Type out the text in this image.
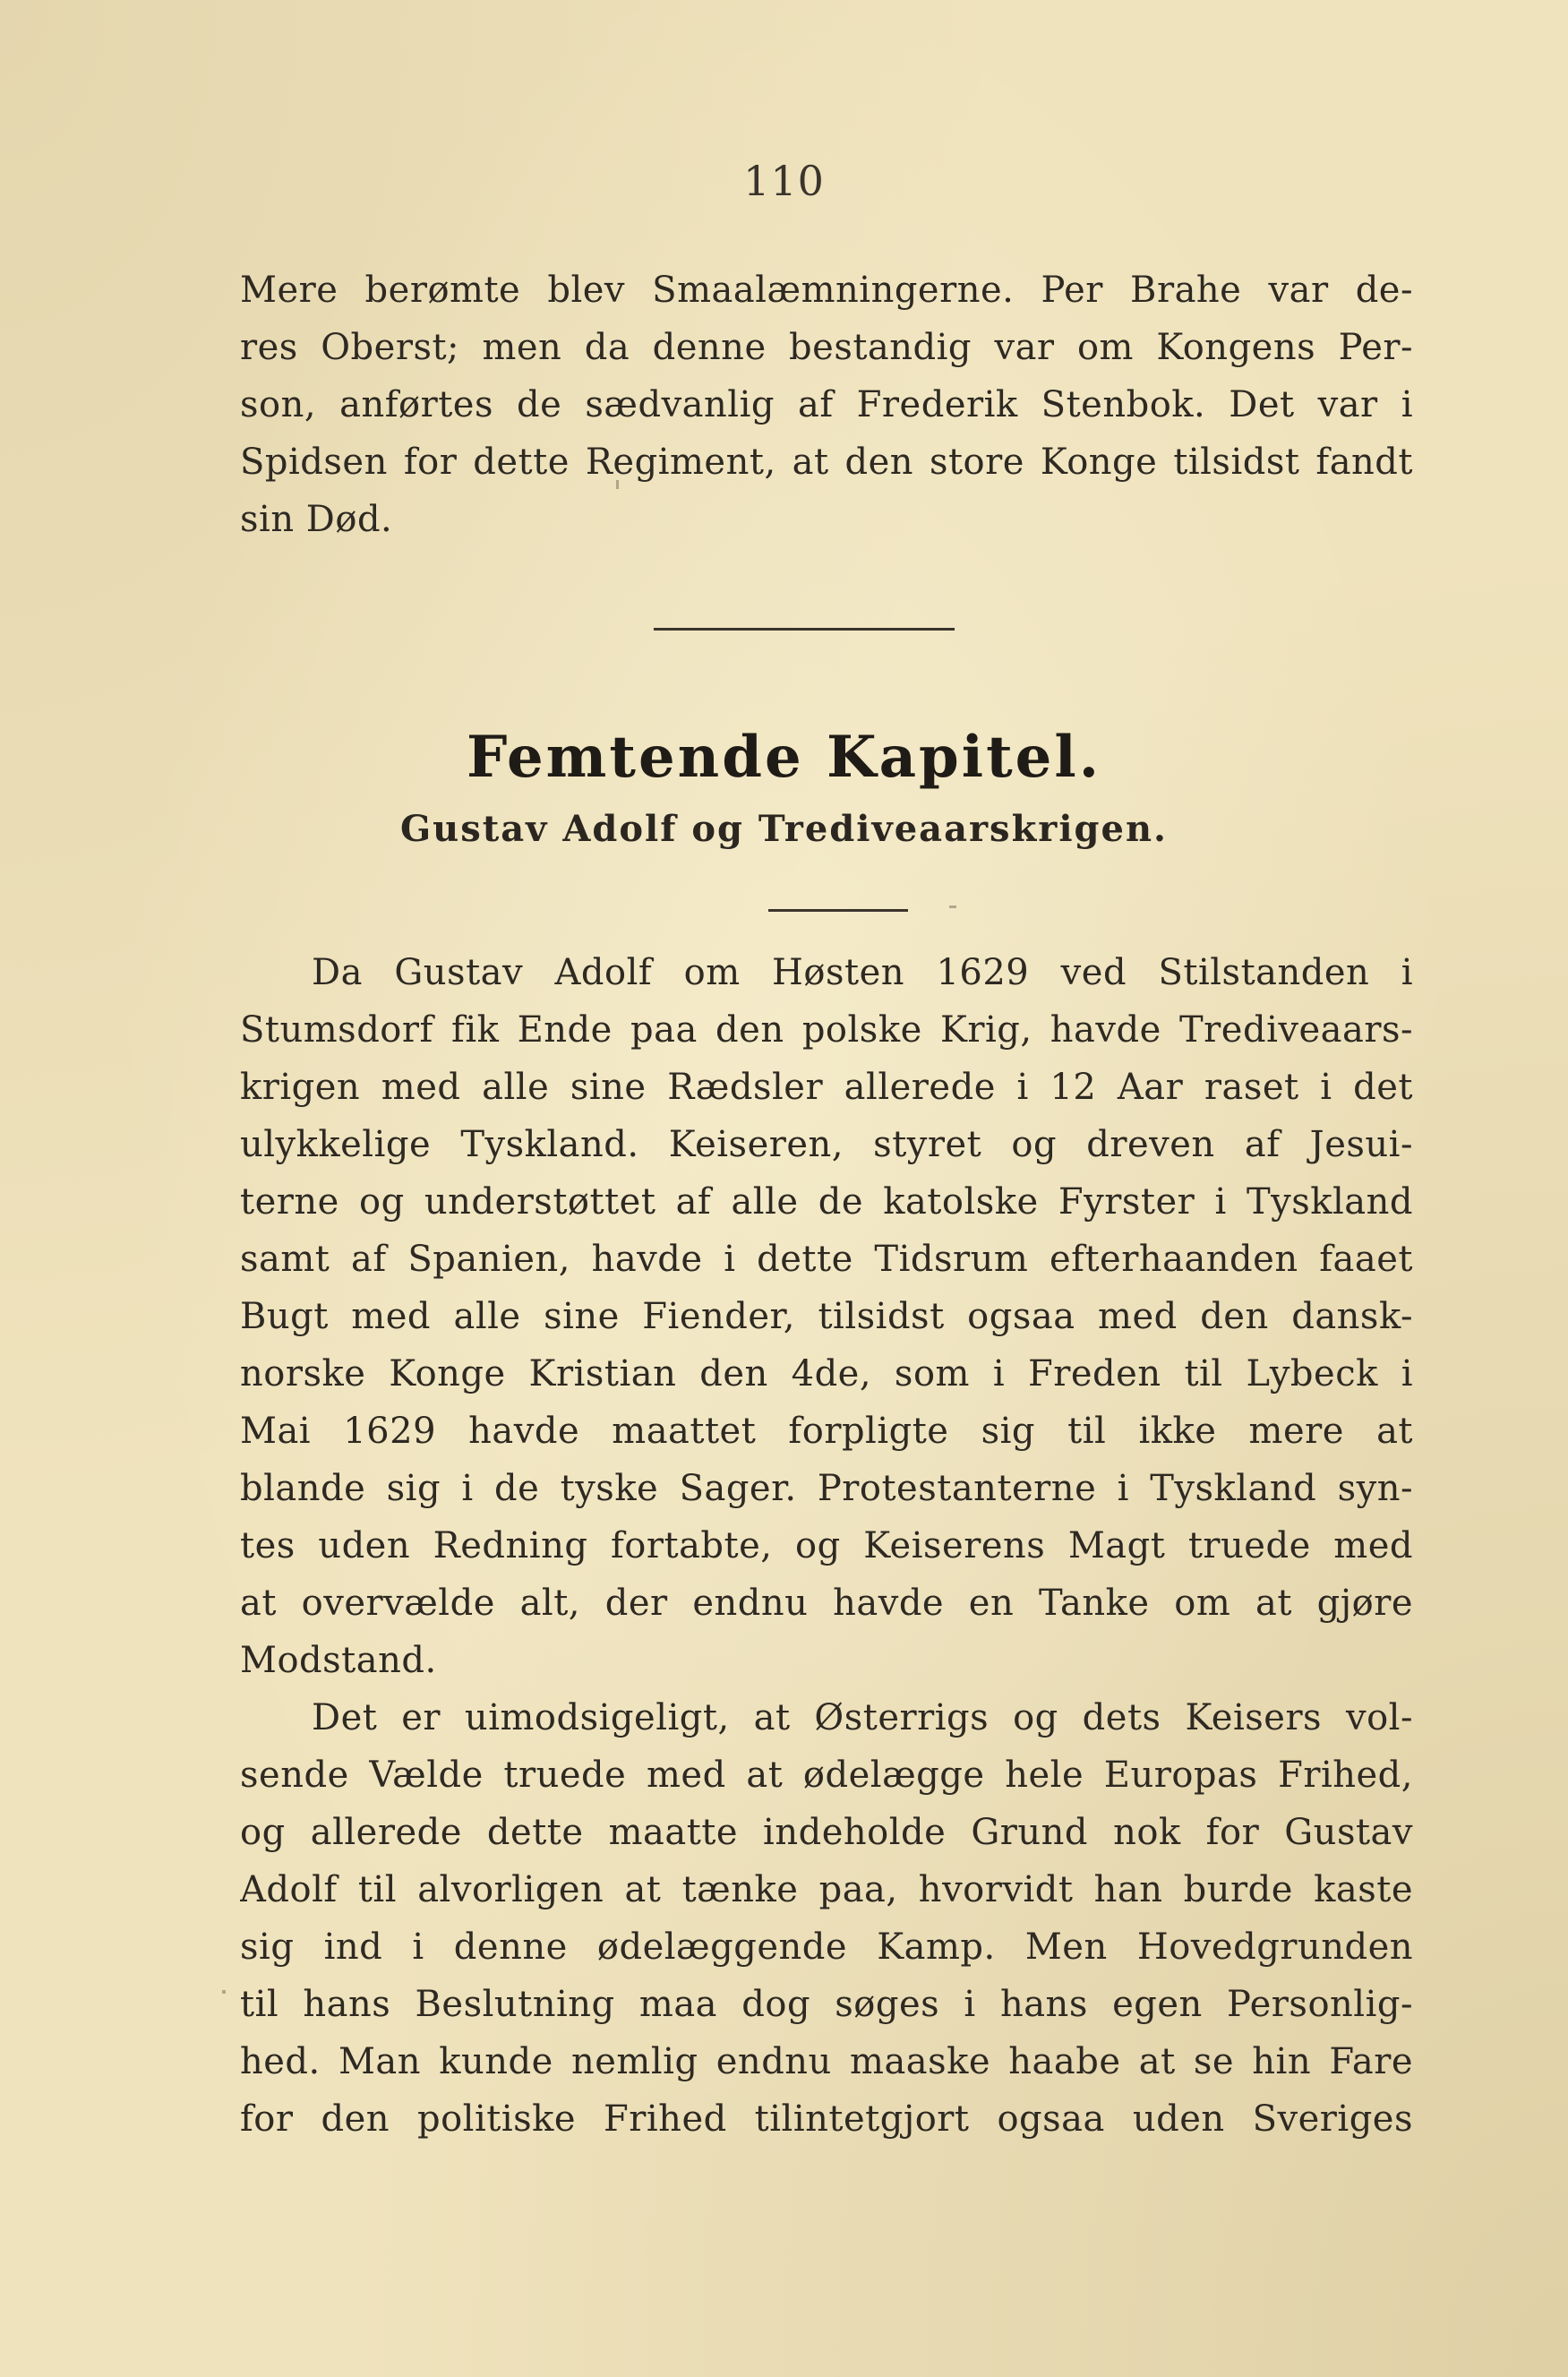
110
Mere berømte blev Smaalæmningerne. Per Brahe var de-
res Oberst; men da denne bestandig var om Kongens Per-
son, anførtes de sædvanlig af Frederik Stenbok. Det var i
Spidsen for dette Regiment, at den store Konge tilsidst fandt
sin Død.
Femtende Kapitel.
Gustav Adolf og Trediveaarskrigen.
Da Gustav Adolf om Høsten 1629 ved Stilstanden i
Stumsdorf fik Ende paa den polske Krig, havde Trediveaars-
krigen med alle sine Rædsler allerede i 12 Aar raset i det
ulykkelige Tyskland. Keiseren, styret og dreven af Jesui-
terne og understøttet af alle de katolske Fyrster i Tyskland
samt af Spanien, havde i dette Tidsrum efterhaanden faaet
Bugt med alle sine Fiender, tilsidst ogsaa med den dansk-
norske Konge Kristian den 4de, som i Freden til Lybeck i
Mai 1629 havde maattet forpligte sig til ikke mere at
blande sig i de tyske Sager. Protestanterne i Tyskland syn-
tes uden Redning fortabte, og Keiserens Magt truede med
at overvælde alt, der endnu havde en Tanke om at gjøre
Modstand.
Det er uimodsigeligt, at Østerrigs og dets Keisers vol-
sende Vælde truede med at ødelægge hele Europas Frihed,
og allerede dette maatte indeholde Grund nok for Gustav
Adolf til alvorligen at tænke paa, hvorvidt han burde kaste
sig ind i denne ødelæggende Kamp. Men Hovedgrunden
til hans Beslutning maa dog søges i hans egen Personlig-
hed. Man kunde nemlig endnu maaske haabe at se hin Fare
for den politiske Frihed tilintetgjort ogsaa uden Sveriges
